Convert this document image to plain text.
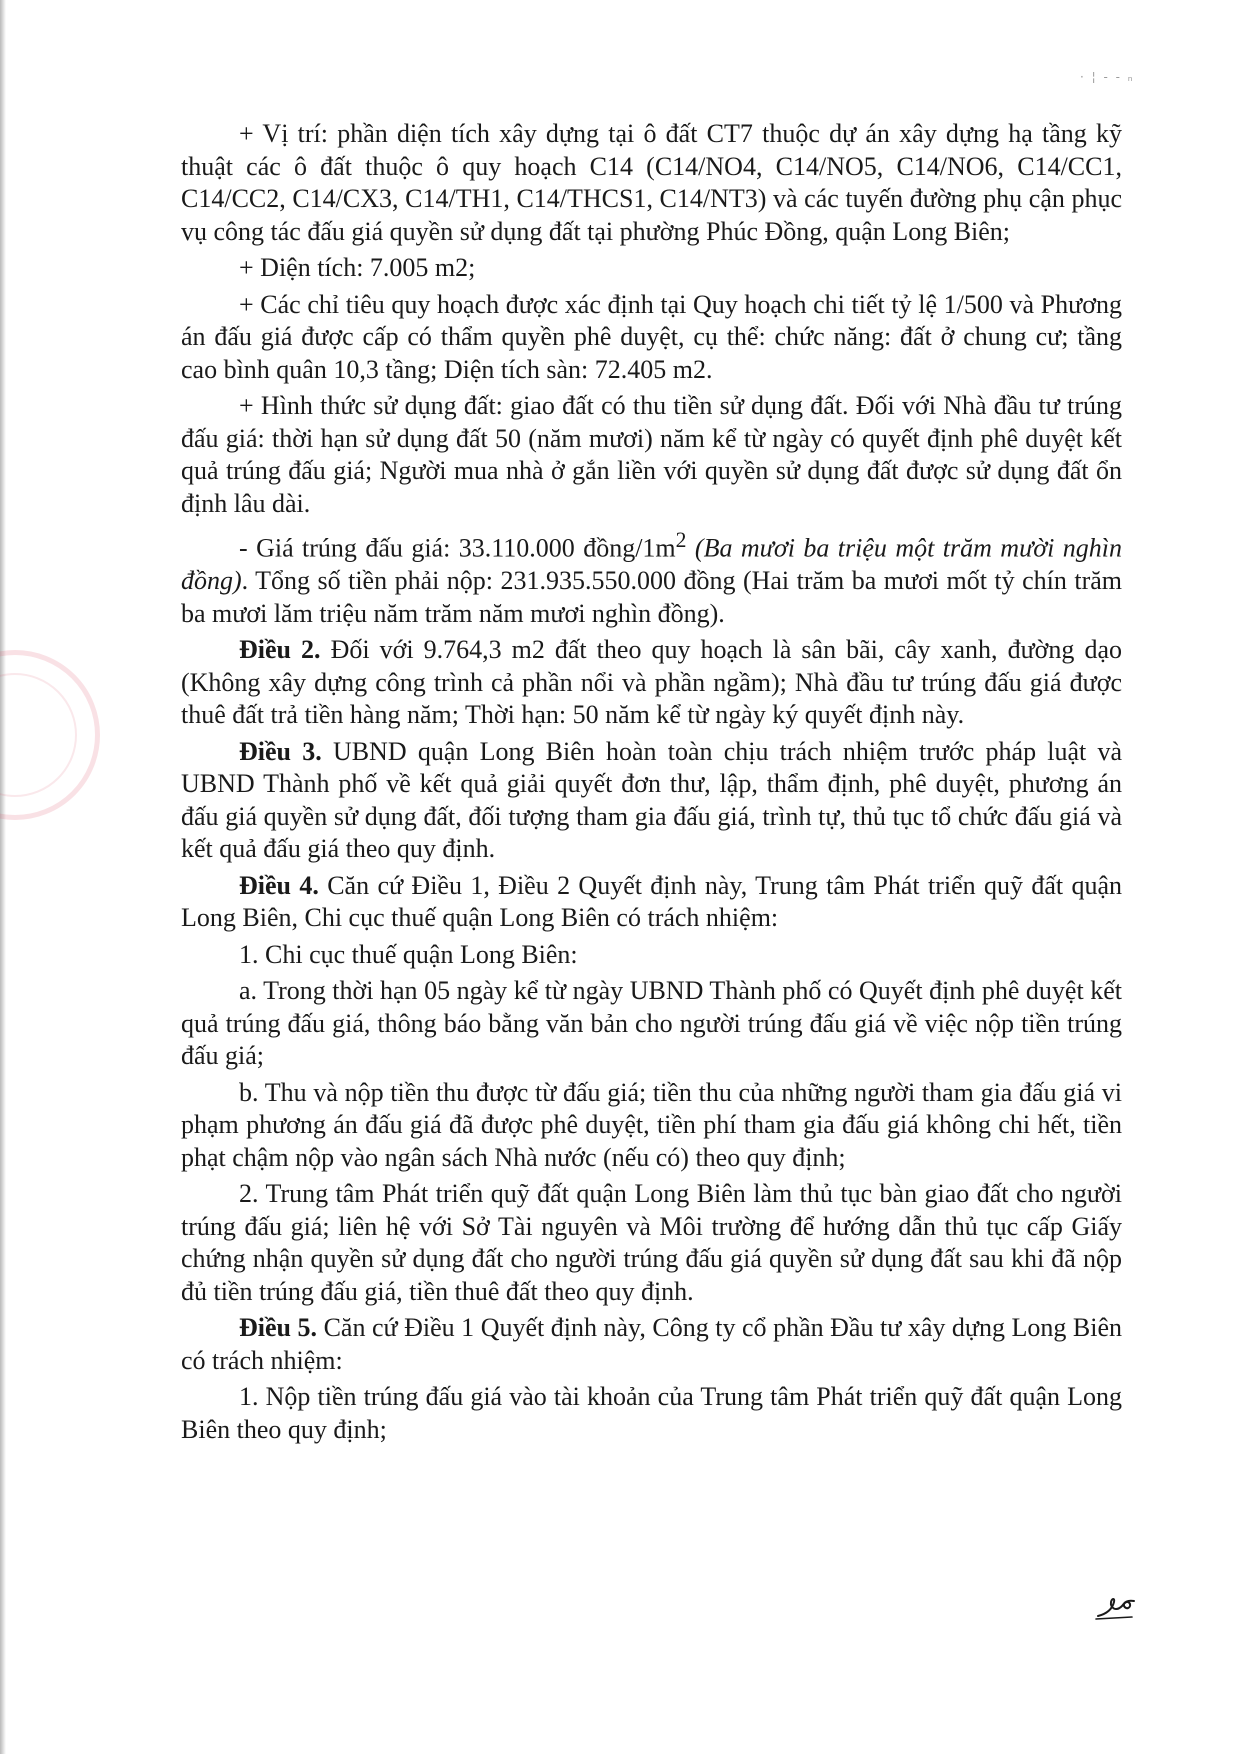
· ¦ ‑ ‑ ₙ

+ Vị trí: phần diện tích xây dựng tại ô đất CT7 thuộc dự án xây dựng hạ tầng kỹ thuật các ô đất thuộc ô quy hoạch C14 (C14/NO4, C14/NO5, C14/NO6, C14/CC1, C14/CC2, C14/CX3, C14/TH1, C14/THCS1, C14/NT3) và các tuyến đường phụ cận phục vụ công tác đấu giá quyền sử dụng đất tại phường Phúc Đồng, quận Long Biên;

+ Diện tích: 7.005 m2;

+ Các chỉ tiêu quy hoạch được xác định tại Quy hoạch chi tiết tỷ lệ 1/500 và Phương án đấu giá được cấp có thẩm quyền phê duyệt, cụ thể: chức năng: đất ở chung cư; tầng cao bình quân 10,3 tầng; Diện tích sàn: 72.405 m2.

+ Hình thức sử dụng đất: giao đất có thu tiền sử dụng đất. Đối với Nhà đầu tư trúng đấu giá: thời hạn sử dụng đất 50 (năm mươi) năm kể từ ngày có quyết định phê duyệt kết quả trúng đấu giá; Người mua nhà ở gắn liền với quyền sử dụng đất được sử dụng đất ổn định lâu dài.

- Giá trúng đấu giá: 33.110.000 đồng/$1m^2$ (Ba mươi ba triệu một trăm mười nghìn đồng). Tổng số tiền phải nộp: 231.935.550.000 đồng (Hai trăm ba mươi mốt tỷ chín trăm ba mươi lăm triệu năm trăm năm mươi nghìn đồng).

Điều 2. Đối với 9.764,3 m2 đất theo quy hoạch là sân bãi, cây xanh, đường dạo (Không xây dựng công trình cả phần nổi và phần ngầm); Nhà đầu tư trúng đấu giá được thuê đất trả tiền hàng năm; Thời hạn: 50 năm kể từ ngày ký quyết định này.

Điều 3. UBND quận Long Biên hoàn toàn chịu trách nhiệm trước pháp luật và UBND Thành phố về kết quả giải quyết đơn thư, lập, thẩm định, phê duyệt, phương án đấu giá quyền sử dụng đất, đối tượng tham gia đấu giá, trình tự, thủ tục tổ chức đấu giá và kết quả đấu giá theo quy định.

Điều 4. Căn cứ Điều 1, Điều 2 Quyết định này, Trung tâm Phát triển quỹ đất quận Long Biên, Chi cục thuế quận Long Biên có trách nhiệm:

1. Chi cục thuế quận Long Biên:

a. Trong thời hạn 05 ngày kể từ ngày UBND Thành phố có Quyết định phê duyệt kết quả trúng đấu giá, thông báo bằng văn bản cho người trúng đấu giá về việc nộp tiền trúng đấu giá;

b. Thu và nộp tiền thu được từ đấu giá; tiền thu của những người tham gia đấu giá vi phạm phương án đấu giá đã được phê duyệt, tiền phí tham gia đấu giá không chi hết, tiền phạt chậm nộp vào ngân sách Nhà nước (nếu có) theo quy định;

2. Trung tâm Phát triển quỹ đất quận Long Biên làm thủ tục bàn giao đất cho người trúng đấu giá; liên hệ với Sở Tài nguyên và Môi trường để hướng dẫn thủ tục cấp Giấy chứng nhận quyền sử dụng đất cho người trúng đấu giá quyền sử dụng đất sau khi đã nộp đủ tiền trúng đấu giá, tiền thuê đất theo quy định.

Điều 5. Căn cứ Điều 1 Quyết định này, Công ty cổ phần Đầu tư xây dựng Long Biên có trách nhiệm:

1. Nộp tiền trúng đấu giá vào tài khoản của Trung tâm Phát triển quỹ đất quận Long Biên theo quy định;
